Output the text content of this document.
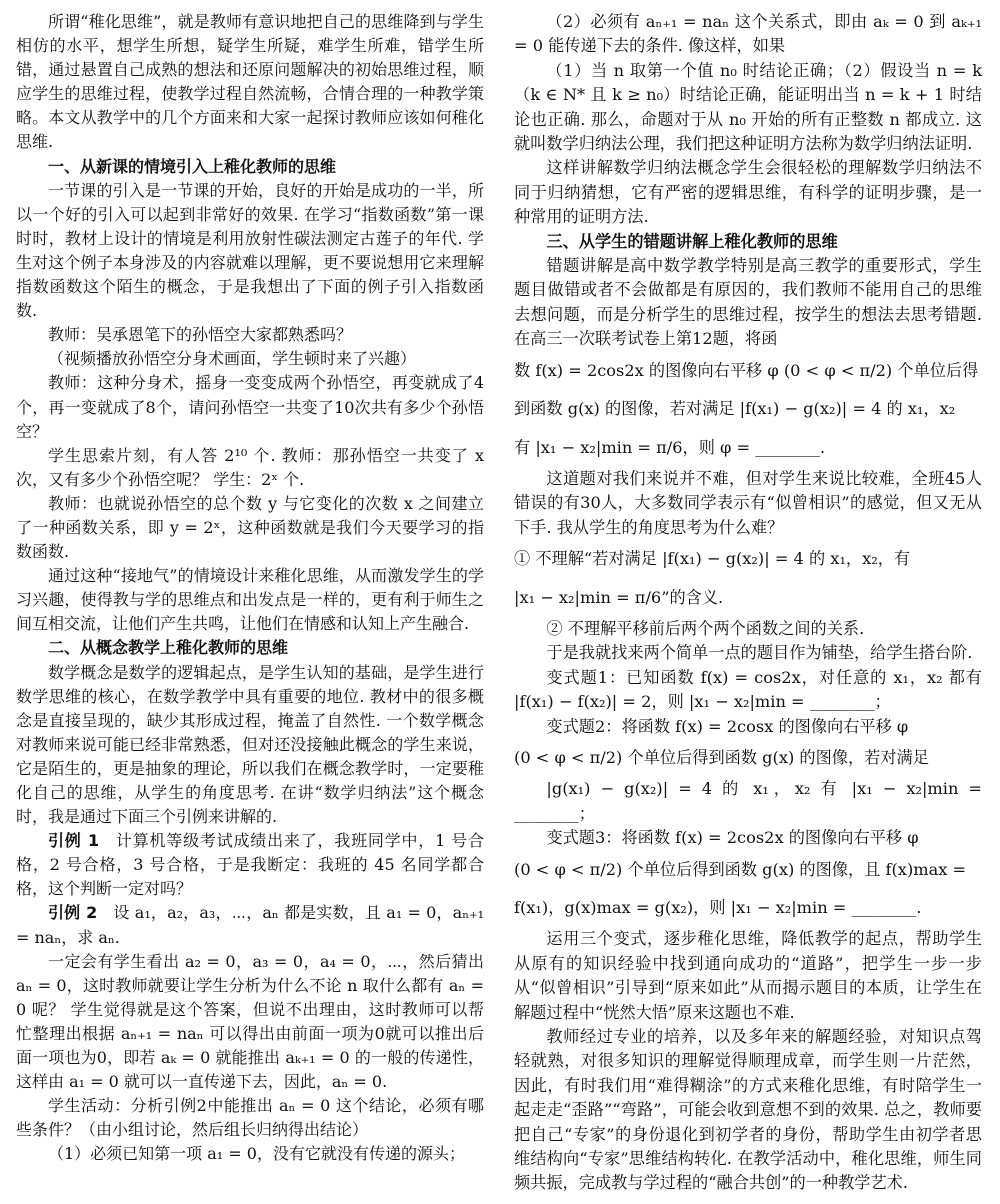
所谓“稚化思维”，就是教师有意识地把自己的思维降到与学生相仿的水平，想学生所想，疑学生所疑，难学生所难，错学生所错，通过悬置自己成熟的想法和还原问题解决的初始思维过程，顺应学生的思维过程，使教学过程自然流畅，合情合理的一种教学策略。本文从教学中的几个方面来和大家一起探讨教师应该如何稚化思维.

一、从新课的情境引入上稚化教师的思维

一节课的引入是一节课的开始，良好的开始是成功的一半，所以一个好的引入可以起到非常好的效果. 在学习“指数函数”第一课时时，教材上设计的情境是利用放射性碳法测定古莲子的年代. 学生对这个例子本身涉及的内容就难以理解，更不要说想用它来理解指数函数这个陌生的概念，于是我想出了下面的例子引入指数函数.

教师：吴承恩笔下的孙悟空大家都熟悉吗？

（视频播放孙悟空分身术画面，学生顿时来了兴趣）

教师：这种分身术，摇身一变变成两个孙悟空，再变就成了4个，再一变就成了8个，请问孙悟空一共变了10次共有多少个孙悟空？

学生思索片刻，有人答 2¹⁰ 个. 教师：那孙悟空一共变了 x 次，又有多少个孙悟空呢？ 学生：2ˣ 个.

教师：也就说孙悟空的总个数 y 与它变化的次数 x 之间建立了一种函数关系，即 y = 2ˣ，这种函数就是我们今天要学习的指数函数.

通过这种“接地气”的情境设计来稚化思维，从而激发学生的学习兴趣，使得教与学的思维点和出发点是一样的，更有利于师生之间互相交流，让他们产生共鸣，让他们在情感和认知上产生融合.

二、从概念教学上稚化教师的思维

数学概念是数学的逻辑起点，是学生认知的基础，是学生进行数学思维的核心，在数学教学中具有重要的地位. 教材中的很多概念是直接呈现的，缺少其形成过程，掩盖了自然性. 一个数学概念对教师来说可能已经非常熟悉，但对还没接触此概念的学生来说，它是陌生的，更是抽象的理论，所以我们在概念教学时，一定要稚化自己的思维，从学生的角度思考. 在讲“数学归纳法”这个概念时，我是通过下面三个引例来讲解的.

引例 1  计算机等级考试成绩出来了，我班同学中，1 号合格，2 号合格，3 号合格，于是我断定：我班的 45 名同学都合格，这个判断一定对吗？

引例 2  设 a₁，a₂，a₃，⋯，aₙ 都是实数，且 a₁ = 0，aₙ₊₁ = naₙ，求 aₙ.

一定会有学生看出 a₂ = 0，a₃ = 0，a₄ = 0，⋯，然后猜出 aₙ = 0，这时教师就要让学生分析为什么不论 n 取什么都有 aₙ = 0 呢？ 学生觉得就是这个答案，但说不出理由，这时教师可以帮忙整理出根据 aₙ₊₁ = naₙ 可以得出由前面一项为0就可以推出后面一项也为0，即若 aₖ = 0 就能推出 aₖ₊₁ = 0 的一般的传递性，这样由 a₁ = 0 就可以一直传递下去，因此，aₙ = 0.

学生活动：分析引例2中能推出 aₙ = 0 这个结论，必须有哪些条件？（由小组讨论，然后组长归纳得出结论）

（1）必须已知第一项 a₁ = 0，没有它就没有传递的源头；

（2）必须有 aₙ₊₁ = naₙ 这个关系式，即由 aₖ = 0 到 aₖ₊₁ = 0 能传递下去的条件. 像这样，如果

（1）当 n 取第一个值 n₀ 时结论正确；（2）假设当 n = k（k ∈ N* 且 k ≥ n₀）时结论正确，能证明出当 n = k + 1 时结论也正确. 那么，命题对于从 n₀ 开始的所有正整数 n 都成立. 这就叫数学归纳法公理，我们把这种证明方法称为数学归纳法证明.

这样讲解数学归纳法概念学生会很轻松的理解数学归纳法不同于归纳猜想，它有严密的逻辑思维，有科学的证明步骤，是一种常用的证明方法.

三、从学生的错题讲解上稚化教师的思维

错题讲解是高中数学教学特别是高三教学的重要形式，学生题目做错或者不会做都是有原因的，我们教师不能用自己的思维去想问题，而是分析学生的思维过程，按学生的想法去思考错题. 在高三一次联考试卷上第12题，将函

数 f(x) = 2cos2x 的图像向右平移 φ (0 < φ < π/2) 个单位后得

到函数 g(x) 的图像，若对满足 |f(x₁) − g(x₂)| = 4 的 x₁，x₂

有 |x₁ − x₂|min = π/6，则 φ = ________.

这道题对我们来说并不难，但对学生来说比较难，全班45人错误的有30人，大多数同学表示有“似曾相识”的感觉，但又无从下手. 我从学生的角度思考为什么难？

① 不理解“若对满足 |f(x₁) − g(x₂)| = 4 的 x₁，x₂，有

|x₁ − x₂|min = π/6”的含义.

② 不理解平移前后两个两个函数之间的关系.

于是我就找来两个简单一点的题目作为铺垫，给学生搭台阶.

变式题1：已知函数 f(x) = cos2x，对任意的 x₁，x₂ 都有 |f(x₁) − f(x₂)| = 2，则 |x₁ − x₂|min = ________；

变式题2：将函数 f(x) = 2cosx 的图像向右平移 φ

(0 < φ < π/2) 个单位后得到函数 g(x) 的图像，若对满足

|g(x₁) − g(x₂)| = 4 的 x₁，x₂ 有 |x₁ − x₂|min = ________；

变式题3：将函数 f(x) = 2cos2x 的图像向右平移 φ

(0 < φ < π/2) 个单位后得到函数 g(x) 的图像，且 f(x)max =

f(x₁)，g(x)max = g(x₂)，则 |x₁ − x₂|min = ________.

运用三个变式，逐步稚化思维，降低教学的起点，帮助学生从原有的知识经验中找到通向成功的“道路”，把学生一步一步从“似曾相识”引导到“原来如此”从而揭示题目的本质，让学生在解题过程中“恍然大悟”原来这题也不难.

教师经过专业的培养，以及多年来的解题经验，对知识点驾轻就熟，对很多知识的理解觉得顺理成章，而学生则一片茫然，因此，有时我们用“难得糊涂”的方式来稚化思维，有时陪学生一起走走“歪路”“弯路”，可能会收到意想不到的效果. 总之，教师要把自己“专家”的身份退化到初学者的身份，帮助学生由初学者思维结构向“专家”思维结构转化. 在教学活动中，稚化思维，师生同频共振，完成教与学过程的“融合共创”的一种教学艺术.
